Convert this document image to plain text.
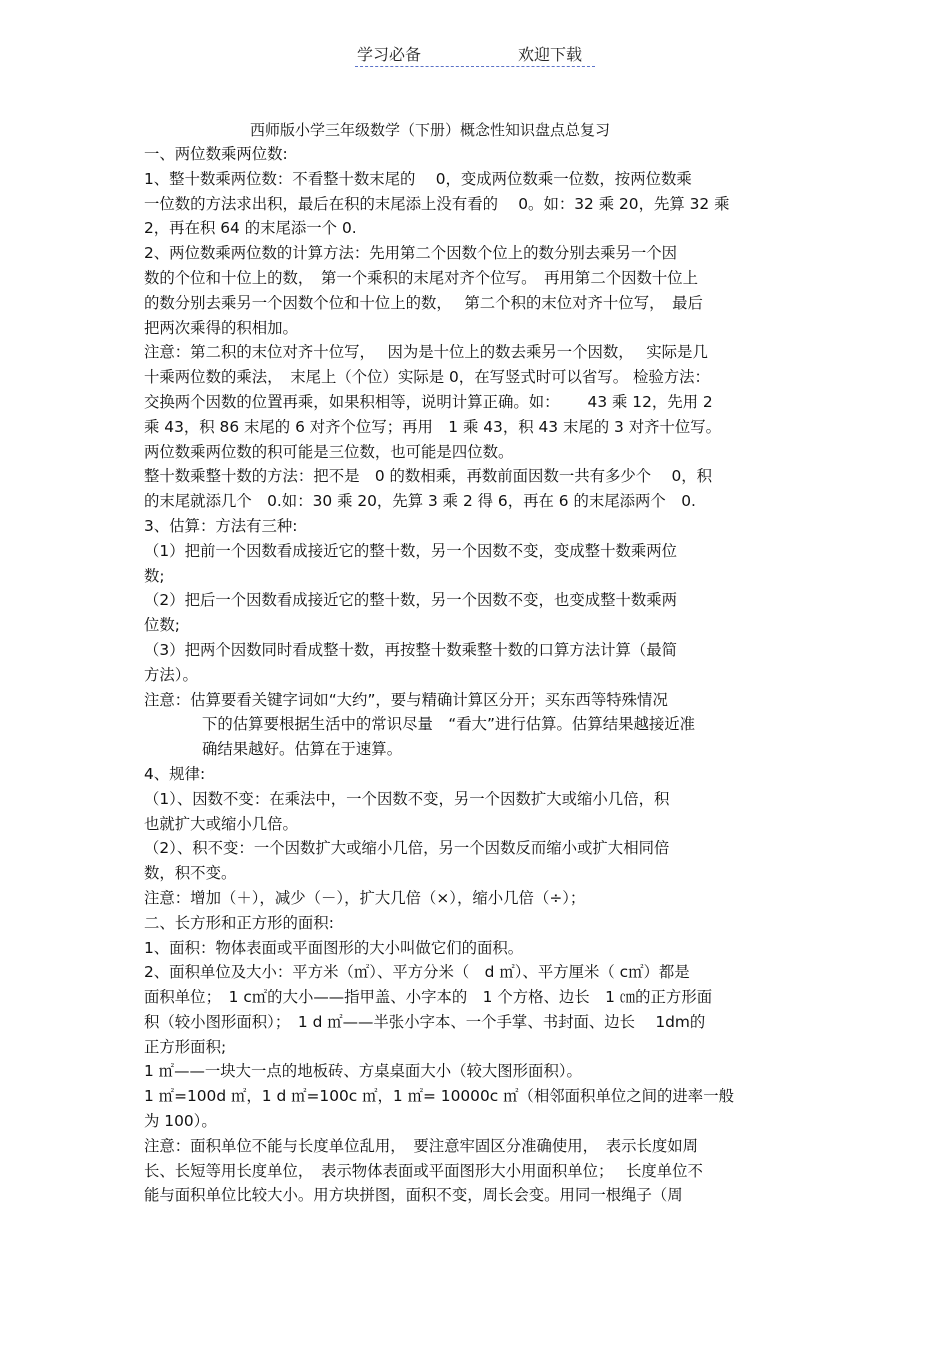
学习必备	欢迎下载
西师版小学三年级数学（下册）概念性知识盘点总复习
一、两位数乘两位数:
1、整十数乘两位数：不看整十数末尾的　 0，变成两位数乘一位数，按两位数乘
一位数的方法求出积，最后在积的末尾添上没有看的　 0。如：32 乘 20，先算 32 乘
2，再在积 64 的末尾添一个 0.
2、两位数乘两位数的计算方法：先用第二个因数个位上的数分别去乘另一个因
数的个位和十位上的数，　第一个乘积的末尾对齐个位写。　再用第二个因数十位上
的数分别去乘另一个因数个位和十位上的数，　 第二个积的末位对齐十位写，　最后
把两次乘得的积相加。
注意：第二积的末位对齐十位写，　 因为是十位上的数去乘另一个因数，　 实际是几
十乘两位数的乘法，　末尾上（个位）实际是 0，在写竖式时可以省写。 检验方法：
交换两个因数的位置再乘，如果积相等，说明计算正确。如：　　 43 乘 12，先用 2
乘 43，积 86 末尾的 6 对齐个位写；再用　1 乘 43，积 43 末尾的 3 对齐十位写。
两位数乘两位数的积可能是三位数，也可能是四位数。
整十数乘整十数的方法：把不是　0 的数相乘，再数前面因数一共有多少个　 0，积
的末尾就添几个　0.如：30 乘 20，先算 3 乘 2 得 6，再在 6 的末尾添两个　0.
3、估算：方法有三种:
（1）把前一个因数看成接近它的整十数，另一个因数不变，变成整十数乘两位
数;
（2）把后一个因数看成接近它的整十数，另一个因数不变，也变成整十数乘两
位数;
（3）把两个因数同时看成整十数，再按整十数乘整十数的口算方法计算（最简
方法）。
注意：估算要看关键字词如“大约”，要与精确计算区分开；买东西等特殊情况
下的估算要根据生活中的常识尽量　“看大”进行估算。估算结果越接近准
确结果越好。估算在于速算。
4、规律:
（1）、因数不变：在乘法中，一个因数不变，另一个因数扩大或缩小几倍，积
也就扩大或缩小几倍。
（2）、积不变：一个因数扩大或缩小几倍，另一个因数反而缩小或扩大相同倍
数，积不变。
注意：增加（＋），减少（－），扩大几倍（×），缩小几倍（÷）；
二、长方形和正方形的面积:
1、面积：物体表面或平面图形的大小叫做它们的面积。
2、面积单位及大小：平方米（㎡）、平方分米（　d ㎡）、平方厘米（ c㎡）都是
面积单位；　1 c㎡的大小——指甲盖、小字本的　1 个方格、边长　1 ㎝的正方形面
积（较小图形面积）；　1 d ㎡——半张小字本、一个手掌、书封面、边长　 1dm的
正方形面积;
1 ㎡——一块大一点的地板砖、方桌桌面大小（较大图形面积）。
1 ㎡=100d ㎡，1 d ㎡=100c ㎡，1 ㎡= 10000c ㎡（相邻面积单位之间的进率一般
为 100）。
注意：面积单位不能与长度单位乱用，　要注意牢固区分准确使用，　表示长度如周
长、长短等用长度单位，　表示物体表面或平面图形大小用面积单位；　 长度单位不
能与面积单位比较大小。用方块拼图，面积不变，周长会变。用同一根绳子（周
